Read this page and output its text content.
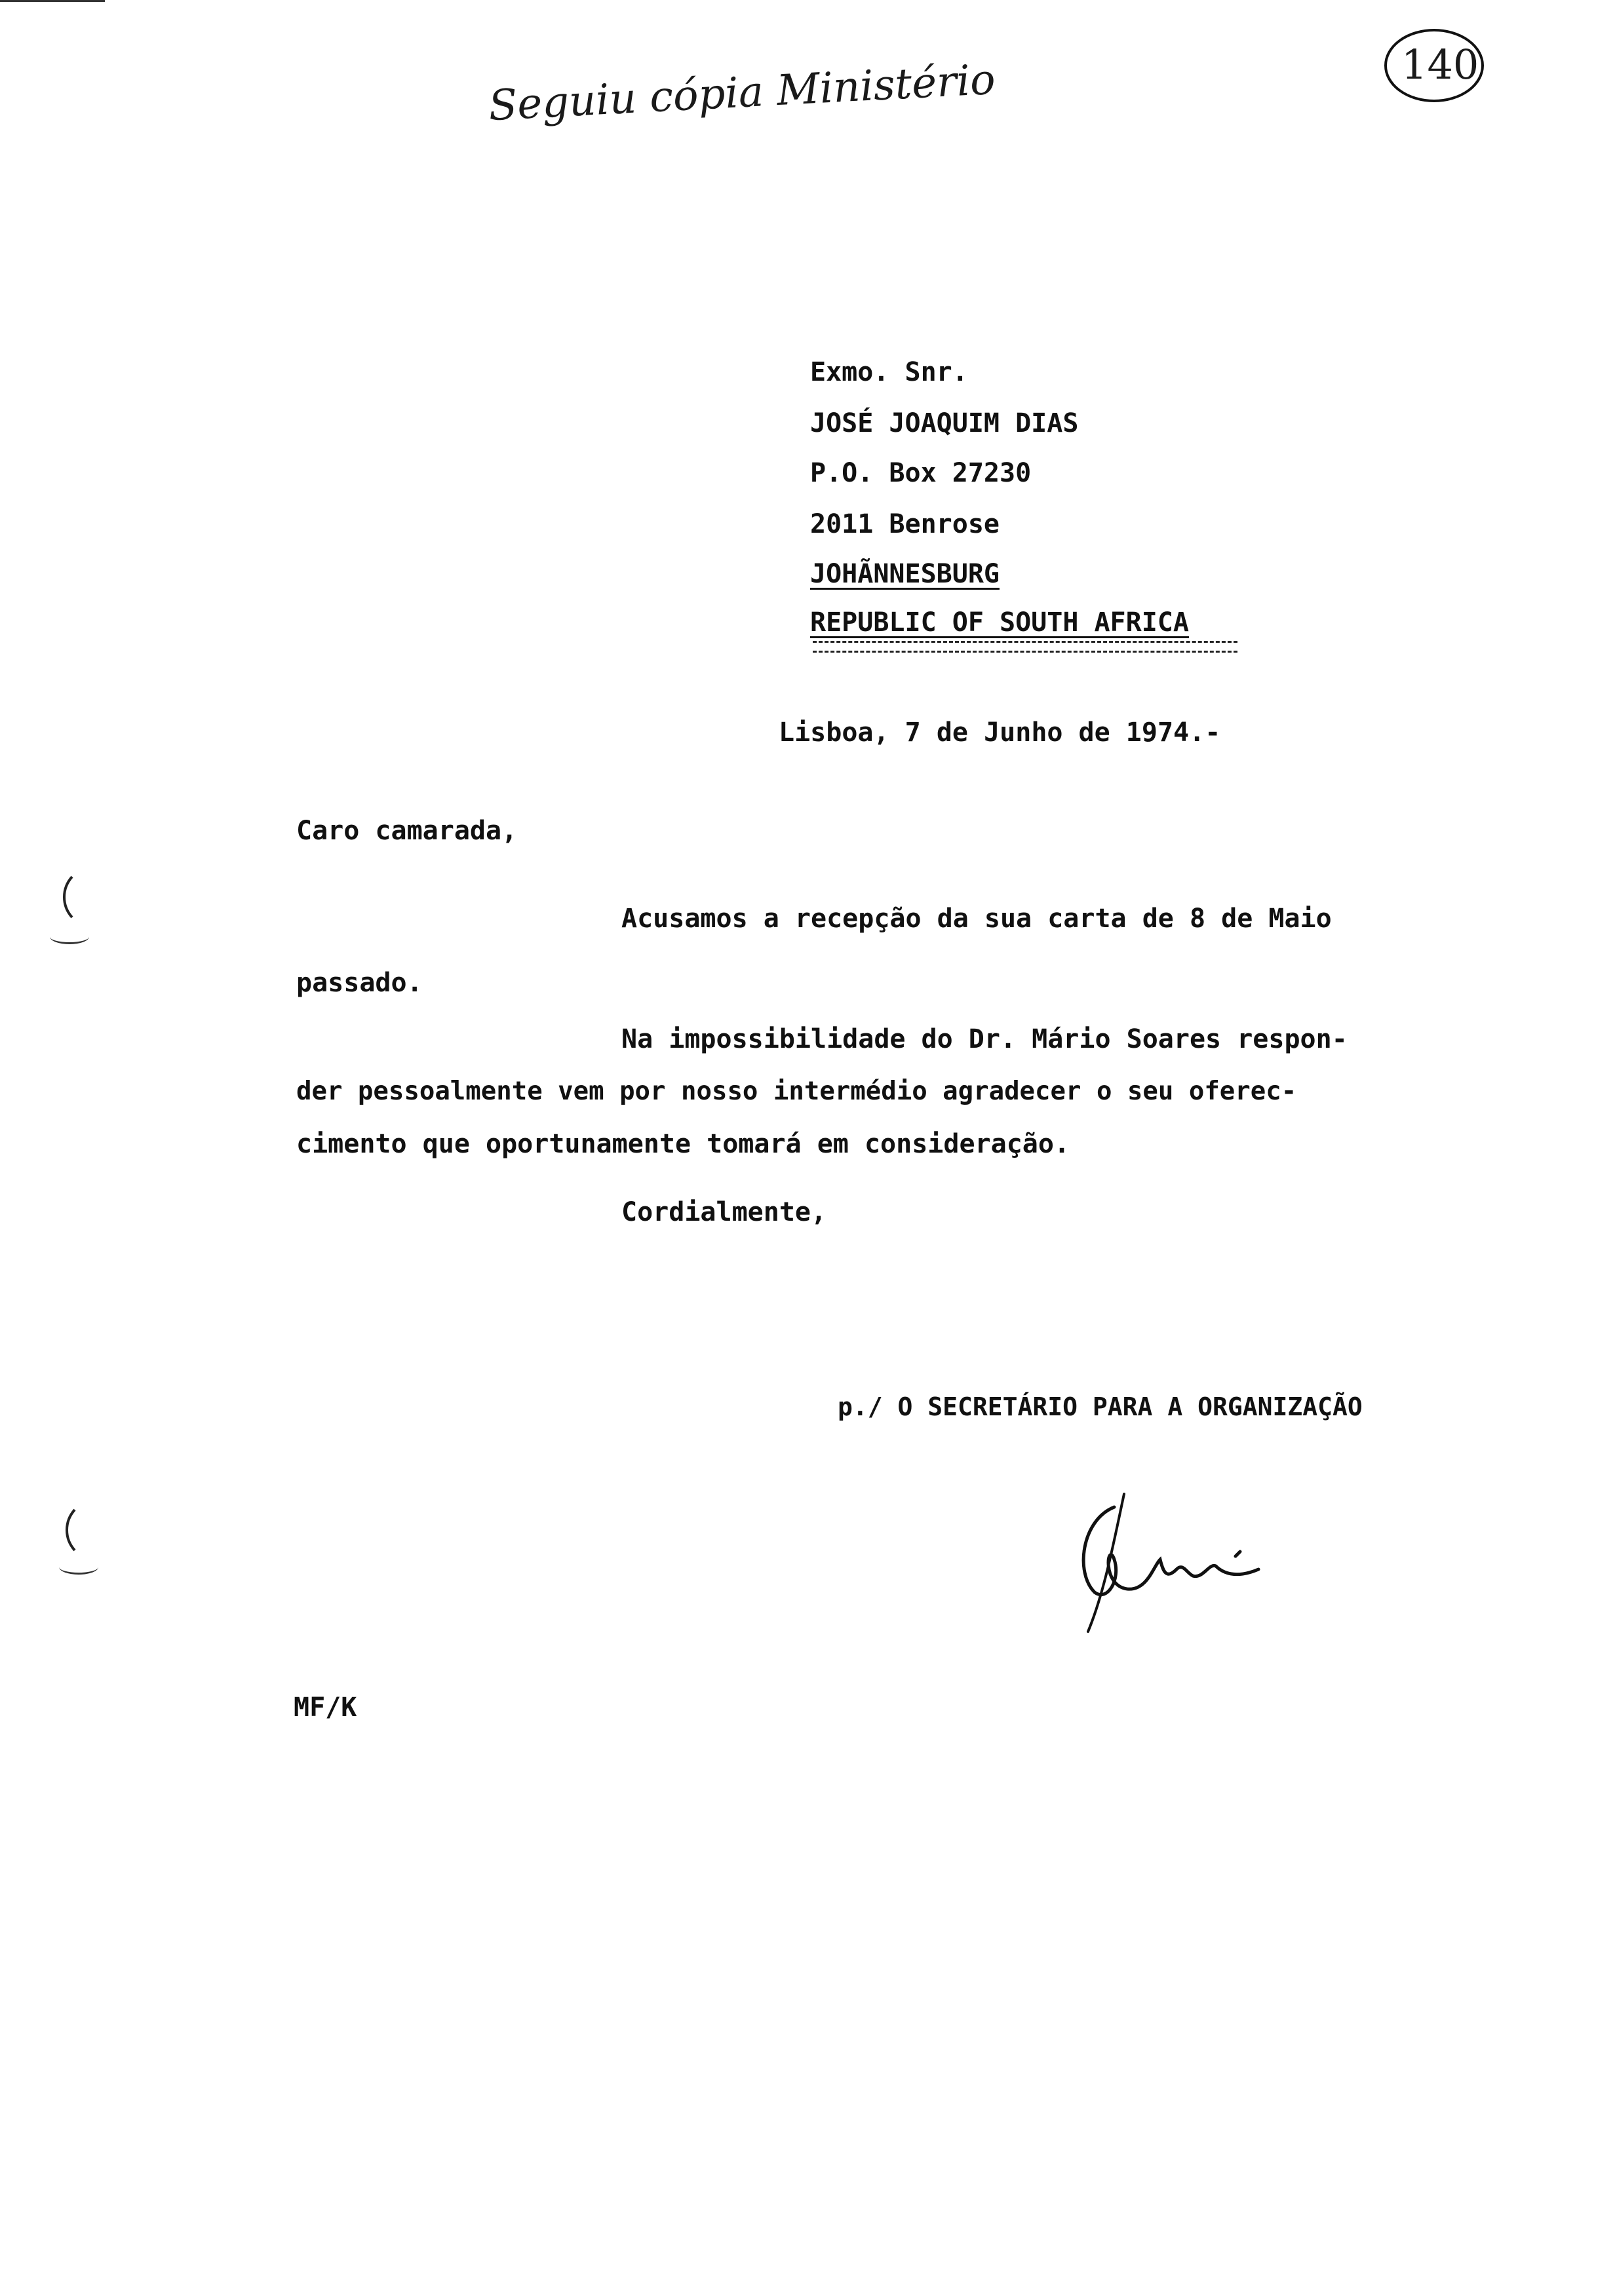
Seguiu cópia Ministério	140
Exmo. Snr.
JOSÉ JOAQUIM DIAS
P.O. Box 27230
2011 Benrose
JOHÃNNESBURG
REPUBLIC OF SOUTH AFRICA
Lisboa, 7 de Junho de 1974.-
Caro camarada,
Acusamos a recepção da sua carta de 8 de Maio
passado.
Na impossibilidade do Dr. Mário Soares respon-
der pessoalmente vem por nosso intermédio agradecer o seu oferec-
cimento que oportunamente tomará em consideração.
Cordialmente,
p./ O SECRETÁRIO PARA A ORGANIZAÇÃO
MF/K
